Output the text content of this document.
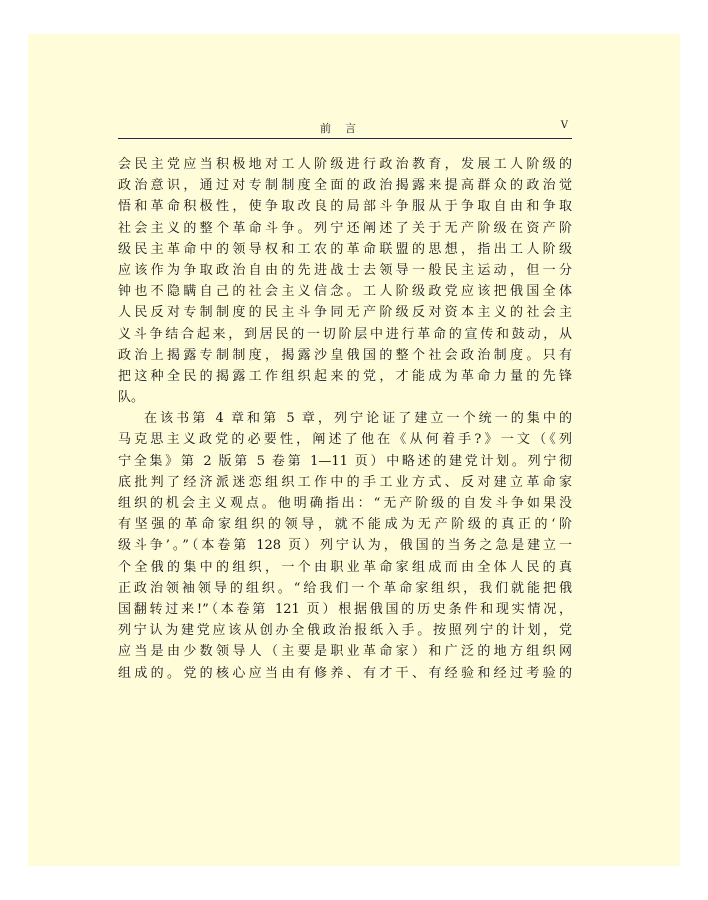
前言	V
会民主党应当积极地对工人阶级进行政治教育，发展工人阶级的
政治意识，通过对专制制度全面的政治揭露来提高群众的政治觉
悟和革命积极性，使争取改良的局部斗争服从于争取自由和争取
社会主义的整个革命斗争。列宁还阐述了关于无产阶级在资产阶
级民主革命中的领导权和工农的革命联盟的思想，指出工人阶级
应该作为争取政治自由的先进战士去领导一般民主运动，但一分
钟也不隐瞒自己的社会主义信念。工人阶级政党应该把俄国全体
人民反对专制制度的民主斗争同无产阶级反对资本主义的社会主
义斗争结合起来，到居民的一切阶层中进行革命的宣传和鼓动，从
政治上揭露专制制度，揭露沙皇俄国的整个社会政治制度。只有
把这种全民的揭露工作组织起来的党，才能成为革命力量的先锋
队。
在该书第 4 章和第 5 章，列宁论证了建立一个统一的集中的
马克思主义政党的必要性，阐述了他在《从何着手?》一文（《列
宁全集》第 2 版第 5 卷第 1—11 页）中略述的建党计划。列宁彻
底批判了经济派迷恋组织工作中的手工业方式、反对建立革命家
组织的机会主义观点。他明确指出：“无产阶级的自发斗争如果没
有坚强的革命家组织的领导，就不能成为无产阶级的真正的‘阶
级斗争’。”（本卷第 128 页）列宁认为，俄国的当务之急是建立一
个全俄的集中的组织，一个由职业革命家组成而由全体人民的真
正政治领袖领导的组织。“给我们一个革命家组织，我们就能把俄
国翻转过来!”（本卷第 121 页）根据俄国的历史条件和现实情况，
列宁认为建党应该从创办全俄政治报纸入手。按照列宁的计划，党
应当是由少数领导人（主要是职业革命家）和广泛的地方组织网
组成的。党的核心应当由有修养、有才干、有经验和经过考验的
